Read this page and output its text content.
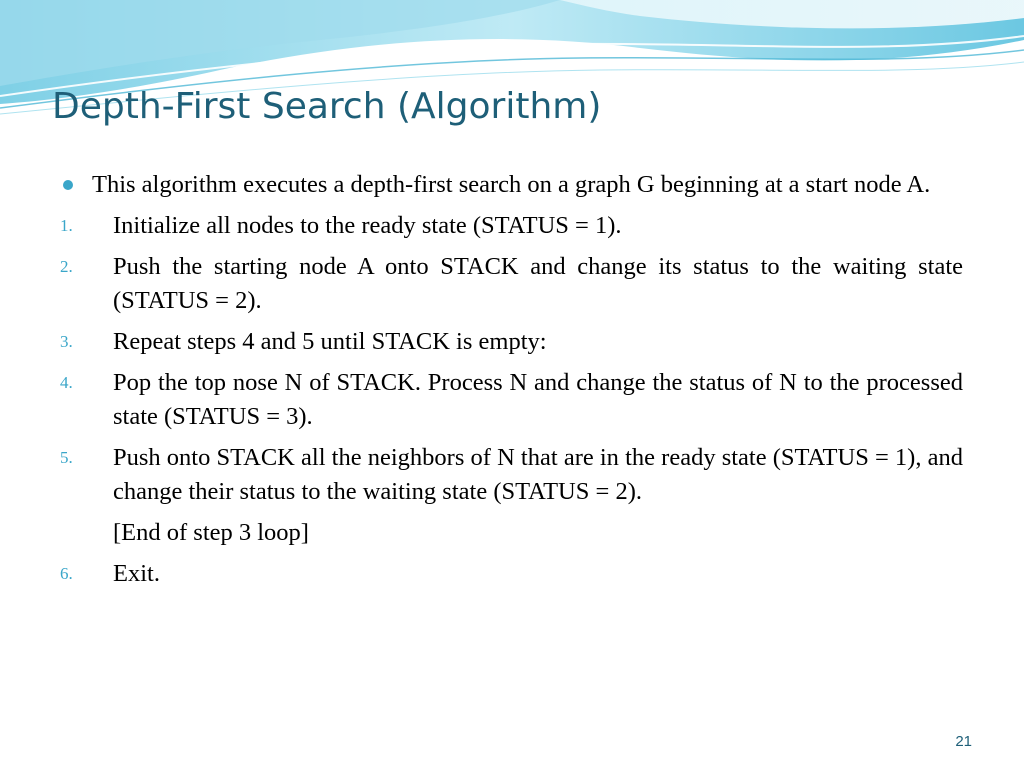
Depth-First Search (Algorithm)
This algorithm executes a depth-first search on a graph G beginning at a start node A.
1. Initialize all nodes to the ready state (STATUS = 1).
2. Push the starting node A onto STACK and change its status to the waiting state (STATUS = 2).
3. Repeat steps 4 and 5 until STACK is empty:
4. Pop the top nose N of STACK. Process N and change the status of N to the processed state (STATUS = 3).
5. Push onto STACK all the neighbors of N that are in the ready state (STATUS = 1), and change their status to the waiting state (STATUS = 2).
[End of step 3 loop]
6. Exit.
21
